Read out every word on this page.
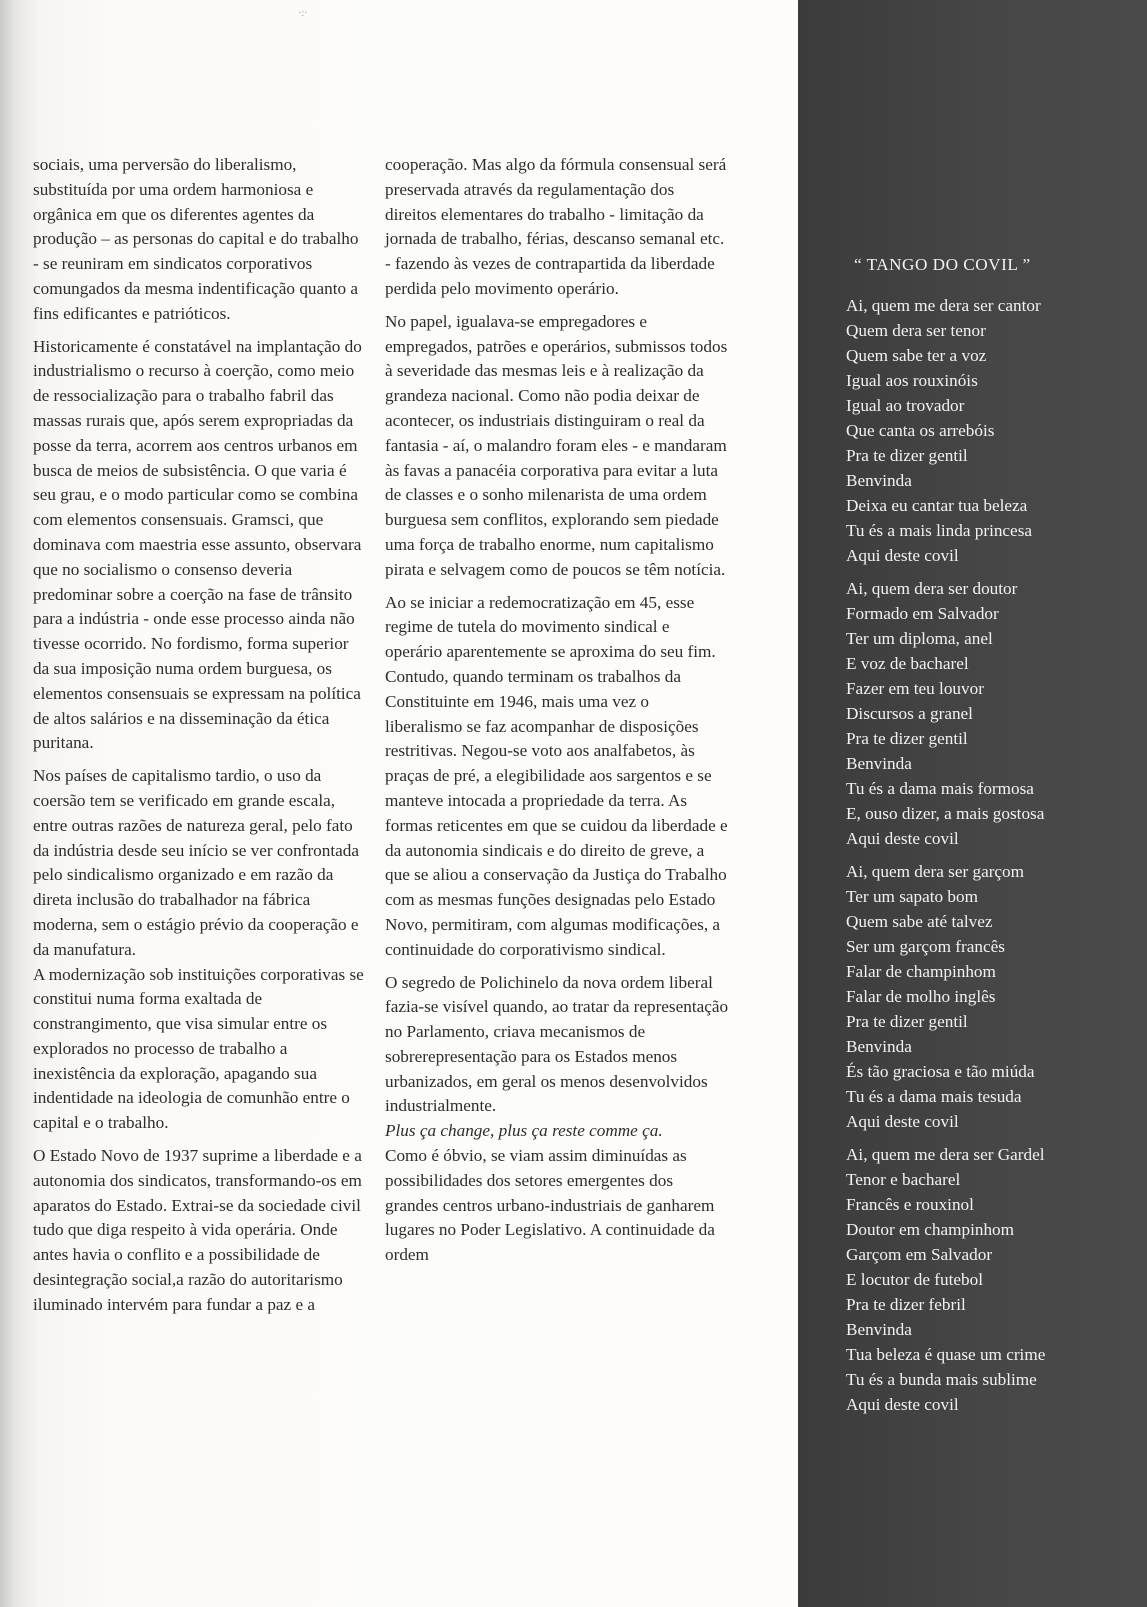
·:·

sociais, uma perversão do liberalismo, substituída por uma ordem harmoniosa e orgânica em que os diferentes agentes da produção – as personas do capital e do trabalho - se reuniram em sindicatos corporativos comungados da mesma indentificação quanto a fins edificantes e patrióticos.

Historicamente é constatável na implantação do industrialismo o recurso à coerção, como meio de ressocialização para o trabalho fabril das massas rurais que, após serem expropriadas da posse da terra, acorrem aos centros urbanos em busca de meios de subsistência. O que varia é seu grau, e o modo particular como se combina com elementos consensuais. Gramsci, que dominava com maestria esse assunto, observara que no socialismo o consenso deveria predominar sobre a coerção na fase de trânsito para a indústria - onde esse processo ainda não tivesse ocorrido. No fordismo, forma superior da sua imposição numa ordem burguesa, os elementos consensuais se expressam na política de altos salários e na disseminação da ética puritana.

Nos países de capitalismo tardio, o uso da coersão tem se verificado em grande escala, entre outras razões de natureza geral, pelo fato da indústria desde seu início se ver confrontada pelo sindicalismo organizado e em razão da direta inclusão do trabalhador na fábrica moderna, sem o estágio prévio da cooperação e da manufatura.

A modernização sob instituições corporativas se constitui numa forma exaltada de constrangimento, que visa simular entre os explorados no processo de trabalho a inexistência da exploração, apagando sua indentidade na ideologia de comunhão entre o capital e o trabalho.

O Estado Novo de 1937 suprime a liberdade e a autonomia dos sindicatos, transformando-os em aparatos do Estado. Extrai-se da sociedade civil tudo que diga respeito à vida operária. Onde antes havia o conflito e a possibilidade de desintegração social,a razão do autoritarismo iluminado intervém para fundar a paz e a

cooperação. Mas algo da fórmula consensual será preservada através da regulamentação dos direitos elementares do trabalho - limitação da jornada de trabalho, férias, descanso semanal etc. - fazendo às vezes de contrapartida da liberdade perdida pelo movimento operário.

No papel, igualava-se empregadores e empregados, patrões e operários, submissos todos à severidade das mesmas leis e à realização da grandeza nacional. Como não podia deixar de acontecer, os industriais distinguiram o real da fantasia - aí, o malandro foram eles - e mandaram às favas a panacéia corporativa para evitar a luta de classes e o sonho milenarista de uma ordem burguesa sem conflitos, explorando sem piedade uma força de trabalho enorme, num capitalismo pirata e selvagem como de poucos se têm notícia.

Ao se iniciar a redemocratização em 45, esse regime de tutela do movimento sindical e operário aparentemente se aproxima do seu fim. Contudo, quando terminam os trabalhos da Constituinte em 1946, mais uma vez o liberalismo se faz acompanhar de disposições restritivas. Negou-se voto aos analfabetos, às praças de pré, a elegibilidade aos sargentos e se manteve intocada a propriedade da terra. As formas reticentes em que se cuidou da liberdade e da autonomia sindicais e do direito de greve, a que se aliou a conservação da Justiça do Trabalho com as mesmas funções designadas pelo Estado Novo, permitiram, com algumas modificações, a continuidade do corporativismo sindical.

O segredo de Polichinelo da nova ordem liberal fazia-se visível quando, ao tratar da representação no Parlamento, criava mecanismos de sobrerepresentação para os Estados menos urbanizados, em geral os menos desenvolvidos industrialmente.

Plus ça change, plus ça reste comme ça.

Como é óbvio, se viam assim diminuídas as possibilidades dos setores emergentes dos grandes centros urbano-industriais de ganharem lugares no Poder Legislativo. A continuidade da ordem

“ TANGO DO COVIL ”
Ai, quem me dera ser cantor
Quem dera ser tenor
Quem sabe ter a voz
Igual aos rouxinóis
Igual ao trovador
Que canta os arrebóis
Pra te dizer gentil
Benvinda
Deixa eu cantar tua beleza
Tu és a mais linda princesa
Aqui deste covil
Ai, quem dera ser doutor
Formado em Salvador
Ter um diploma, anel
E voz de bacharel
Fazer em teu louvor
Discursos a granel
Pra te dizer gentil
Benvinda
Tu és a dama mais formosa
E, ouso dizer, a mais gostosa
Aqui deste covil
Ai, quem dera ser garçom
Ter um sapato bom
Quem sabe até talvez
Ser um garçom francês
Falar de champinhom
Falar de molho inglês
Pra te dizer gentil
Benvinda
És tão graciosa e tão miúda
Tu és a dama mais tesuda
Aqui deste covil
Ai, quem me dera ser Gardel
Tenor e bacharel
Francês e rouxinol
Doutor em champinhom
Garçom em Salvador
E locutor de futebol
Pra te dizer febril
Benvinda
Tua beleza é quase um crime
Tu és a bunda mais sublime
Aqui deste covil
